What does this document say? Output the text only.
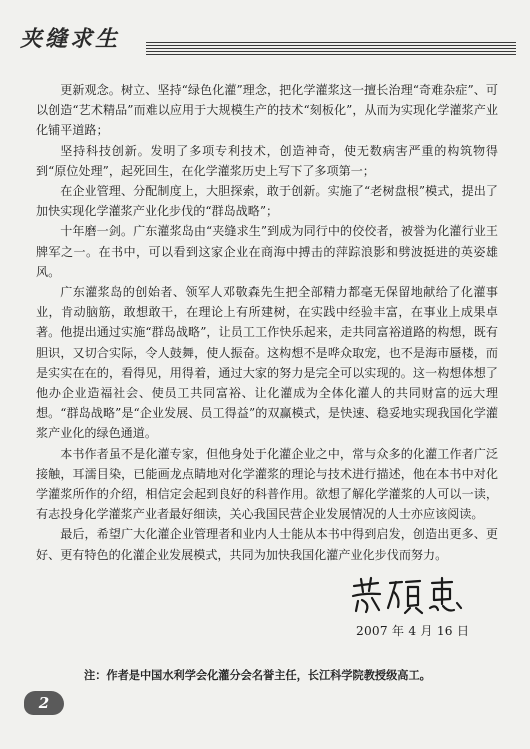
夹缝求生

更新观念。树立、坚持“绿色化灌”理念，把化学灌浆这一擅长治理“奇难杂症”、可以创造“艺术精品”而难以应用于大规模生产的技术“刻板化”，从而为实现化学灌浆产业化铺平道路；

坚持科技创新。发明了多项专利技术，创造神奇，使无数病害严重的构筑物得到“原位处理”，起死回生，在化学灌浆历史上写下了多项第一；

在企业管理、分配制度上，大胆探索，敢于创新。实施了“老树盘根”模式，提出了加快实现化学灌浆产业化步伐的“群岛战略”；

十年磨一剑。广东灌浆岛由“夹缝求生”到成为同行中的佼佼者，被誉为化灌行业王牌军之一。在书中，可以看到这家企业在商海中搏击的萍踪浪影和劈波挺进的英姿雄风。

广东灌浆岛的创始者、领军人邓敬森先生把全部精力都毫无保留地献给了化灌事业，肯动脑筋，敢想敢干，在理论上有所建树，在实践中经验丰富，在事业上成果卓著。他提出通过实施“群岛战略”，让员工工作快乐起来，走共同富裕道路的构想，既有胆识，又切合实际，令人鼓舞，使人振奋。这构想不是哗众取宠，也不是海市蜃楼，而是实实在在的，看得见，用得着，通过大家的努力是完全可以实现的。这一构想体想了他办企业造福社会、使员工共同富裕、让化灌成为全体化灌人的共同财富的远大理想。“群岛战略”是“企业发展、员工得益”的双赢模式，是快速、稳妥地实现我国化学灌浆产业化的绿色通道。

本书作者虽不是化灌专家，但他身处于化灌企业之中，常与众多的化灌工作者广泛接触，耳濡目染，已能画龙点睛地对化学灌浆的理论与技术进行描述，他在本书中对化学灌浆所作的介绍，相信定会起到良好的科普作用。欲想了解化学灌浆的人可以一读，有志投身化学灌浆产业者最好细读，关心我国民营企业发展情况的人士亦应该阅读。

最后，希望广大化灌企业管理者和业内人士能从本书中得到启发，创造出更多、更好、更有特色的化灌企业发展模式，共同为加快我国化灌产业化步伐而努力。

2007 年 4 月 16 日
注：作者是中国水利学会化灌分会名誉主任，长江科学院教授级高工。
2
